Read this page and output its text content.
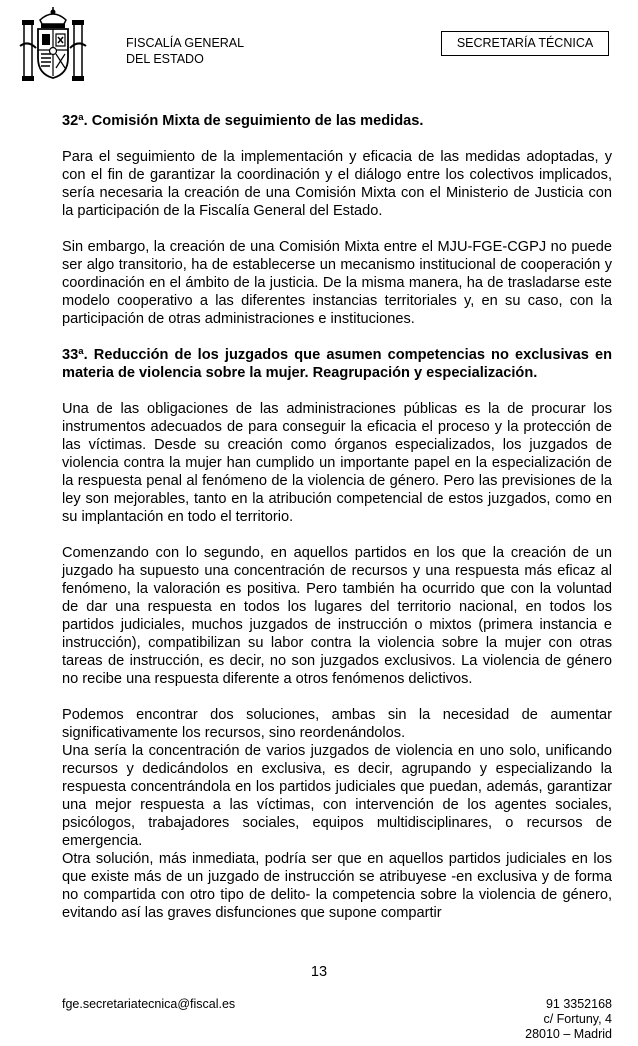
FISCALÍA GENERAL
DEL ESTADO
SECRETARÍA TÉCNICA
32ª. Comisión Mixta de seguimiento de las medidas.

Para el seguimiento de la implementación y eficacia de las medidas adoptadas, y con el fin de garantizar la coordinación y el diálogo entre los colectivos implicados, sería necesaria la creación de una Comisión Mixta con el Ministerio de Justicia con la participación de la Fiscalía General del Estado.

Sin embargo, la creación de una Comisión Mixta entre el MJU-FGE-CGPJ no puede ser algo transitorio, ha de establecerse un mecanismo institucional de cooperación y coordinación en el ámbito de la justicia. De la misma manera, ha de trasladarse este modelo cooperativo a las diferentes instancias territoriales y, en su caso, con la participación de otras administraciones e instituciones.

33ª. Reducción de los juzgados que asumen competencias no exclusivas en materia de violencia sobre la mujer. Reagrupación y especialización.

Una de las obligaciones de las administraciones públicas es la de procurar los instrumentos adecuados de para conseguir la eficacia el proceso y la protección de las víctimas. Desde su creación como órganos especializados, los juzgados de violencia contra la mujer han cumplido un importante papel en la especialización de la respuesta penal al fenómeno de la violencia de género. Pero las previsiones de la ley son mejorables, tanto en la atribución competencial de estos juzgados, como en su implantación en todo el territorio.

Comenzando con lo segundo, en aquellos partidos en los que la creación de un juzgado ha supuesto una concentración de recursos y una respuesta más eficaz al fenómeno, la valoración es positiva. Pero también ha ocurrido que con la voluntad de dar una respuesta en todos los lugares del territorio nacional, en todos los partidos judiciales, muchos juzgados de instrucción o mixtos (primera instancia e instrucción), compatibilizan su labor contra la violencia sobre la mujer con otras tareas de instrucción, es decir, no son juzgados exclusivos. La violencia de género no recibe una respuesta diferente a otros fenómenos delictivos.

Podemos encontrar dos soluciones, ambas sin la necesidad de aumentar significativamente los recursos, sino reordenándolos.

Una sería la concentración de varios juzgados de violencia en uno solo, unificando recursos y dedicándolos en exclusiva, es decir, agrupando y especializando la respuesta concentrándola en los partidos judiciales que puedan, además, garantizar una mejor respuesta a las víctimas, con intervención de los agentes sociales, psicólogos, trabajadores sociales, equipos multidisciplinares, o recursos de emergencia.

Otra solución, más inmediata, podría ser que en aquellos partidos judiciales en los que existe más de un juzgado de instrucción se atribuyese -en exclusiva y de forma no compartida con otro tipo de delito- la competencia sobre la violencia de género, evitando así las graves disfunciones que supone compartir

13
fge.secretariatecnica@fiscal.es	91 3352168
c/ Fortuny, 4
28010 – Madrid
